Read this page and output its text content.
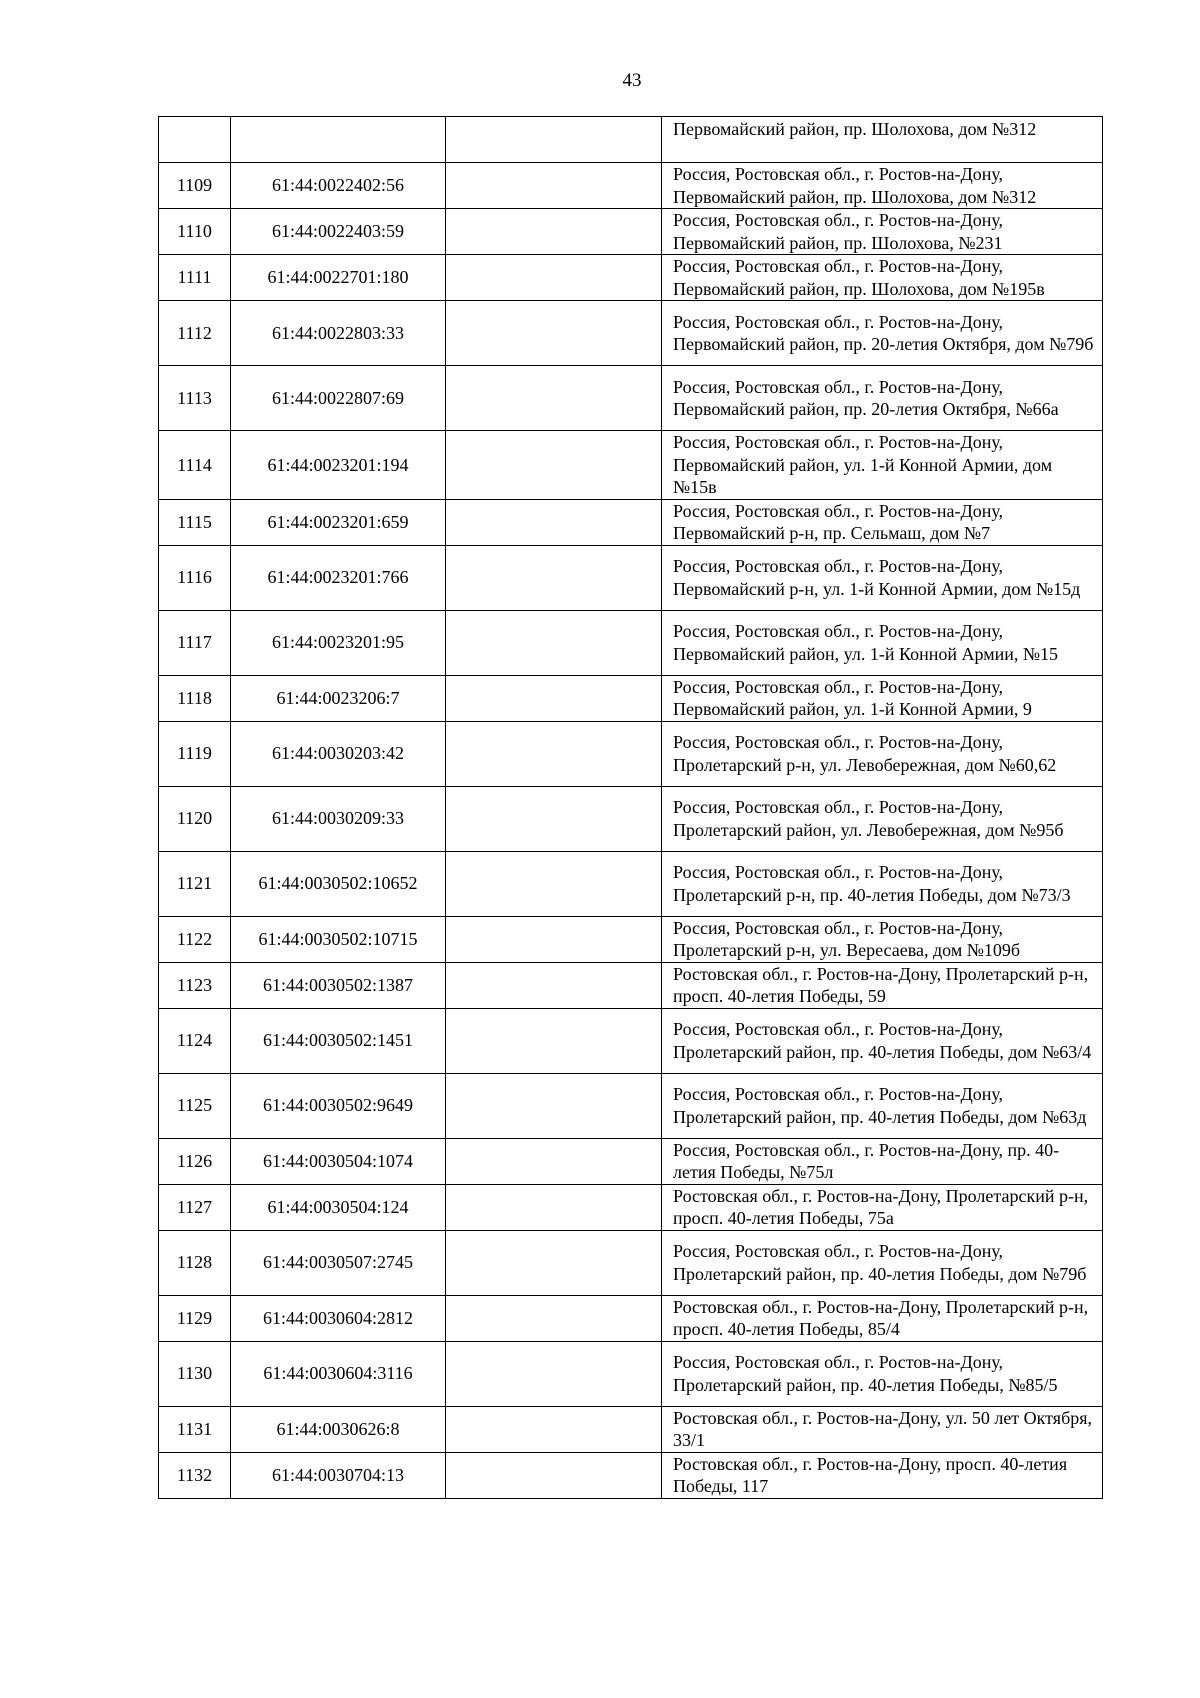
43
			Первомайский район, пр. Шолохова, дом №312
1109	61:44:0022402:56		Россия, Ростовская обл., г. Ростов-на-Дону, Первомайский район, пр. Шолохова, дом №312
1110	61:44:0022403:59		Россия, Ростовская обл., г. Ростов-на-Дону, Первомайский район, пр. Шолохова, №231
1111	61:44:0022701:180		Россия, Ростовская обл., г. Ростов-на-Дону, Первомайский район, пр. Шолохова, дом №195в
1112	61:44:0022803:33		Россия, Ростовская обл., г. Ростов-на-Дону, Первомайский район, пр. 20-летия Октября, дом №79б
1113	61:44:0022807:69		Россия, Ростовская обл., г. Ростов-на-Дону, Первомайский район, пр. 20-летия Октября, №66а
1114	61:44:0023201:194		Россия, Ростовская обл., г. Ростов-на-Дону, Первомайский район, ул. 1-й Конной Армии, дом №15в
1115	61:44:0023201:659		Россия, Ростовская обл., г. Ростов-на-Дону, Первомайский р-н, пр. Сельмаш, дом №7
1116	61:44:0023201:766		Россия, Ростовская обл., г. Ростов-на-Дону, Первомайский р-н, ул. 1-й Конной Армии, дом №15д
1117	61:44:0023201:95		Россия, Ростовская обл., г. Ростов-на-Дону, Первомайский район, ул. 1-й Конной Армии, №15
1118	61:44:0023206:7		Россия, Ростовская обл., г. Ростов-на-Дону, Первомайский район, ул. 1-й Конной Армии, 9
1119	61:44:0030203:42		Россия, Ростовская обл., г. Ростов-на-Дону, Пролетарский р-н, ул. Левобережная, дом №60,62
1120	61:44:0030209:33		Россия, Ростовская обл., г. Ростов-на-Дону, Пролетарский район, ул. Левобережная, дом №95б
1121	61:44:0030502:10652		Россия, Ростовская обл., г. Ростов-на-Дону, Пролетарский р-н, пр. 40-летия Победы, дом №73/3
1122	61:44:0030502:10715		Россия, Ростовская обл., г. Ростов-на-Дону, Пролетарский р-н, ул. Вересаева, дом №109б
1123	61:44:0030502:1387		Ростовская обл., г. Ростов-на-Дону, Пролетарский р-н, просп. 40-летия Победы, 59
1124	61:44:0030502:1451		Россия, Ростовская обл., г. Ростов-на-Дону, Пролетарский район, пр. 40-летия Победы, дом №63/4
1125	61:44:0030502:9649		Россия, Ростовская обл., г. Ростов-на-Дону, Пролетарский район, пр. 40-летия Победы, дом №63д
1126	61:44:0030504:1074		Россия, Ростовская обл., г. Ростов-на-Дону, пр. 40-летия Победы, №75л
1127	61:44:0030504:124		Ростовская обл., г. Ростов-на-Дону, Пролетарский р-н, просп. 40-летия Победы, 75а
1128	61:44:0030507:2745		Россия, Ростовская обл., г. Ростов-на-Дону, Пролетарский район, пр. 40-летия Победы, дом №79б
1129	61:44:0030604:2812		Ростовская обл., г. Ростов-на-Дону, Пролетарский р-н, просп. 40-летия Победы, 85/4
1130	61:44:0030604:3116		Россия, Ростовская обл., г. Ростов-на-Дону, Пролетарский район, пр. 40-летия Победы, №85/5
1131	61:44:0030626:8		Ростовская обл., г. Ростов-на-Дону, ул. 50 лет Октября, 33/1
1132	61:44:0030704:13		Ростовская обл., г. Ростов-на-Дону, просп. 40-летия Победы, 117
